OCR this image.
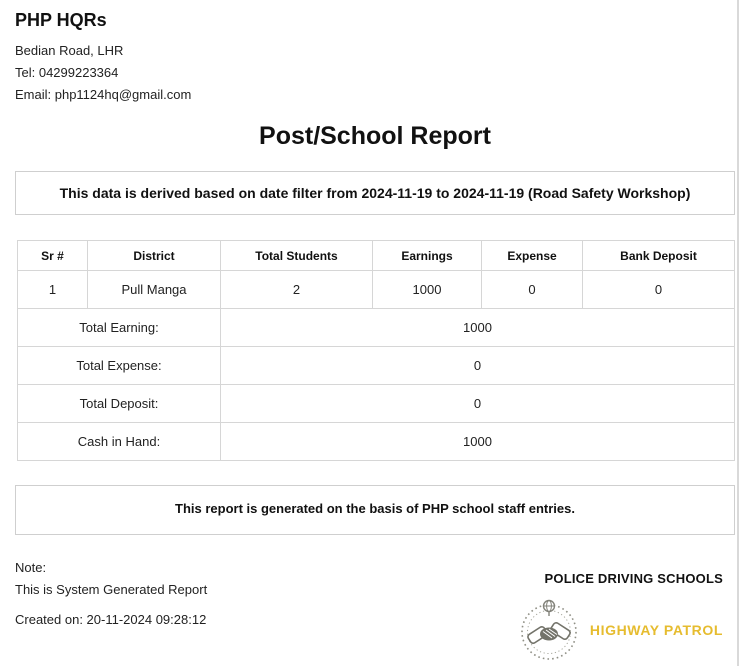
PHP HQRs
Bedian Road, LHR
Tel: 04299223364
Email: php1124hq@gmail.com
Post/School Report
This data is derived based on date filter from 2024-11-19 to 2024-11-19 (Road Safety Workshop)
Sr #	District	Total Students	Earnings	Expense	Bank Deposit
1	Pull Manga	2	1000	0	0
Total Earning:		1000			
Total Expense:		0			
Total Deposit:		0			
Cash in Hand:		1000			
This report is generated on the basis of PHP school staff entries.
Note:
This is System Generated Report
Created on: 20-11-2024 09:28:12
POLICE DRIVING SCHOOLS
HIGHWAY PATROL
